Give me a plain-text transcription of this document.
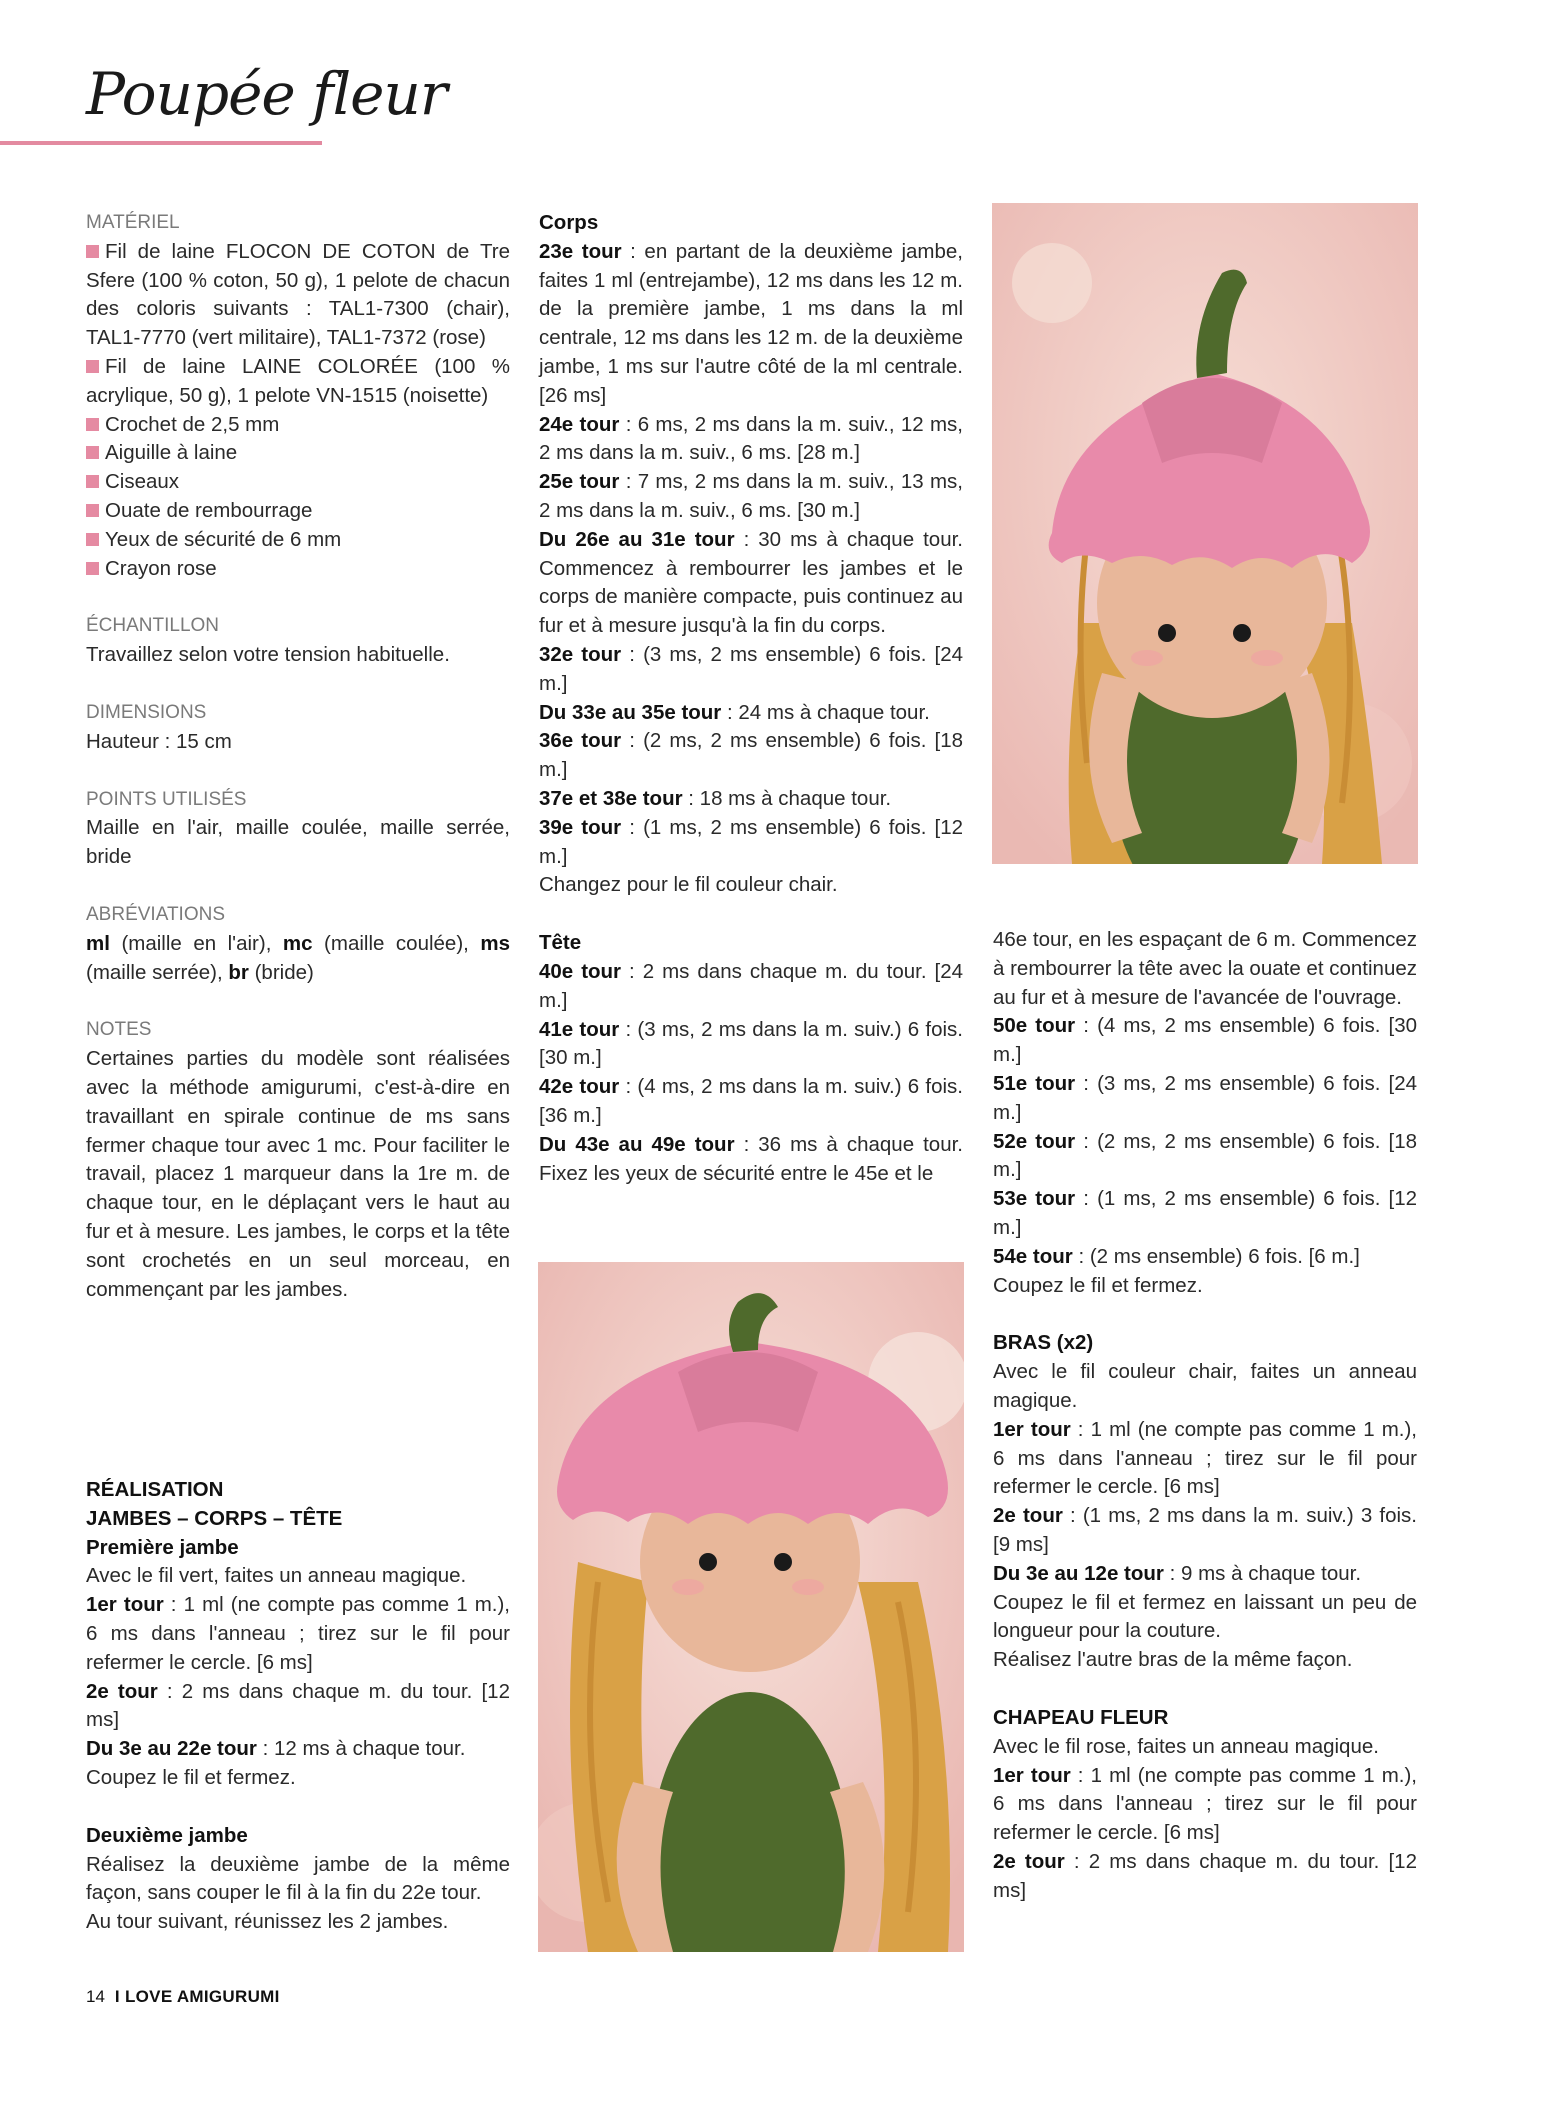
Poupée fleur

MATÉRIEL

Fil de laine FLOCON DE COTON de Tre Sfere (100 % coton, 50 g), 1 pelote de chacun des coloris suivants : TAL1-7300 (chair), TAL1-7770 (vert militaire), TAL1-7372 (rose)

Fil de laine LAINE COLORÉE (100 % acrylique, 50 g), 1 pelote VN-1515 (noisette)

Crochet de 2,5 mm

Aiguille à laine

Ciseaux

Ouate de rembourrage

Yeux de sécurité de 6 mm

Crayon rose

ÉCHANTILLON

Travaillez selon votre tension habituelle.

DIMENSIONS

Hauteur : 15 cm

POINTS UTILISÉS

Maille en l'air, maille coulée, maille serrée, bride

ABRÉVIATIONS

ml (maille en l'air), mc (maille coulée), ms (maille serrée), br (bride)

NOTES

Certaines parties du modèle sont réalisées avec la méthode amigurumi, c'est-à-dire en travaillant en spirale continue de ms sans fermer chaque tour avec 1 mc. Pour faciliter le travail, placez 1 marqueur dans la 1re m. de chaque tour, en le déplaçant vers le haut au fur et à mesure. Les jambes, le corps et la tête sont crochetés en un seul morceau, en commençant par les jambes.

RÉALISATION

JAMBES – CORPS – TÊTE

Première jambe

Avec le fil vert, faites un anneau magique.

1er tour : 1 ml (ne compte pas comme 1 m.), 6 ms dans l'anneau ; tirez sur le fil pour refermer le cercle. [6 ms]

2e tour : 2 ms dans chaque m. du tour. [12 ms]

Du 3e au 22e tour : 12 ms à chaque tour.

Coupez le fil et fermez.

Deuxième jambe

Réalisez la deuxième jambe de la même façon, sans couper le fil à la fin du 22e tour.

Au tour suivant, réunissez les 2 jambes.

Corps

23e tour : en partant de la deuxième jambe, faites 1 ml (entrejambe), 12 ms dans les 12 m. de la première jambe, 1 ms dans la ml centrale, 12 ms dans les 12 m. de la deuxième jambe, 1 ms sur l'autre côté de la ml centrale. [26 ms]

24e tour : 6 ms, 2 ms dans la m. suiv., 12 ms, 2 ms dans la m. suiv., 6 ms. [28 m.]

25e tour : 7 ms, 2 ms dans la m. suiv., 13 ms, 2 ms dans la m. suiv., 6 ms. [30 m.]

Du 26e au 31e tour : 30 ms à chaque tour. Commencez à rembourrer les jambes et le corps de manière compacte, puis continuez au fur et à mesure jusqu'à la fin du corps.

32e tour : (3 ms, 2 ms ensemble) 6 fois. [24 m.]

Du 33e au 35e tour : 24 ms à chaque tour.

36e tour : (2 ms, 2 ms ensemble) 6 fois. [18 m.]

37e et 38e tour : 18 ms à chaque tour.

39e tour : (1 ms, 2 ms ensemble) 6 fois. [12 m.]

Changez pour le fil couleur chair.

Tête

40e tour : 2 ms dans chaque m. du tour. [24 m.]

41e tour : (3 ms, 2 ms dans la m. suiv.) 6 fois. [30 m.]

42e tour : (4 ms, 2 ms dans la m. suiv.) 6 fois. [36 m.]

Du 43e au 49e tour : 36 ms à chaque tour. Fixez les yeux de sécurité entre le 45e et le

46e tour, en les espaçant de 6 m. Commencez à rembourrer la tête avec la ouate et continuez au fur et à mesure de l'avancée de l'ouvrage.

50e tour : (4 ms, 2 ms ensemble) 6 fois. [30 m.]

51e tour : (3 ms, 2 ms ensemble) 6 fois. [24 m.]

52e tour : (2 ms, 2 ms ensemble) 6 fois. [18 m.]

53e tour : (1 ms, 2 ms ensemble) 6 fois. [12 m.]

54e tour : (2 ms ensemble) 6 fois. [6 m.]

Coupez le fil et fermez.

BRAS (x2)

Avec le fil couleur chair, faites un anneau magique.

1er tour : 1 ml (ne compte pas comme 1 m.), 6 ms dans l'anneau ; tirez sur le fil pour refermer le cercle. [6 ms]

2e tour : (1 ms, 2 ms dans la m. suiv.) 3 fois. [9 ms]

Du 3e au 12e tour : 9 ms à chaque tour.

Coupez le fil et fermez en laissant un peu de longueur pour la couture.

Réalisez l'autre bras de la même façon.

CHAPEAU FLEUR

Avec le fil rose, faites un anneau magique.

1er tour : 1 ml (ne compte pas comme 1 m.), 6 ms dans l'anneau ; tirez sur le fil pour refermer le cercle. [6 ms]

2e tour : 2 ms dans chaque m. du tour. [12 ms]

14 I LOVE AMIGURUMI
